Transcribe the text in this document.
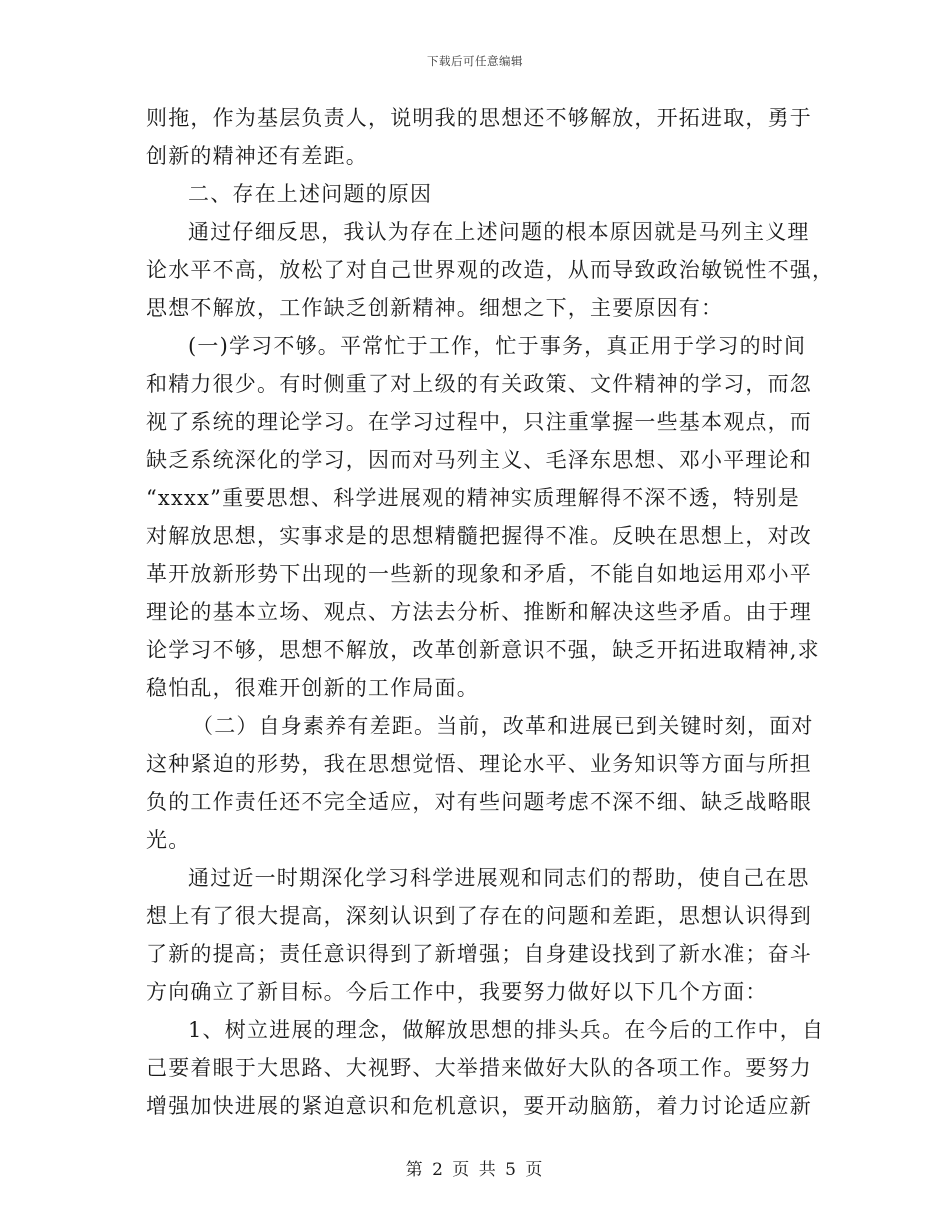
下载后可任意编辑
则拖，作为基层负责人，说明我的思想还不够解放，开拓进取，勇于
创新的精神还有差距。
二、存在上述问题的原因
通过仔细反思，我认为存在上述问题的根本原因就是马列主义理
论水平不高，放松了对自己世界观的改造，从而导致政治敏锐性不强，
思想不解放，工作缺乏创新精神。细想之下，主要原因有：
(一)学习不够。平常忙于工作，忙于事务，真正用于学习的时间
和精力很少。有时侧重了对上级的有关政策、文件精神的学习，而忽
视了系统的理论学习。在学习过程中，只注重掌握一些基本观点，而
缺乏系统深化的学习，因而对马列主义、毛泽东思想、邓小平理论和
“xxxx”重要思想、科学进展观的精神实质理解得不深不透，特别是
对解放思想，实事求是的思想精髓把握得不准。反映在思想上，对改
革开放新形势下出现的一些新的现象和矛盾，不能自如地运用邓小平
理论的基本立场、观点、方法去分析、推断和解决这些矛盾。由于理
论学习不够，思想不解放，改革创新意识不强，缺乏开拓进取精神,求
稳怕乱，很难开创新的工作局面。
（二）自身素养有差距。当前，改革和进展已到关键时刻，面对
这种紧迫的形势，我在思想觉悟、理论水平、业务知识等方面与所担
负的工作责任还不完全适应，对有些问题考虑不深不细、缺乏战略眼
光。
通过近一时期深化学习科学进展观和同志们的帮助，使自己在思
想上有了很大提高，深刻认识到了存在的问题和差距，思想认识得到
了新的提高；责任意识得到了新增强；自身建设找到了新水准；奋斗
方向确立了新目标。今后工作中，我要努力做好以下几个方面：
1、树立进展的理念，做解放思想的排头兵。在今后的工作中，自
己要着眼于大思路、大视野、大举措来做好大队的各项工作。要努力
增强加快进展的紧迫意识和危机意识，要开动脑筋，着力讨论适应新
第 2 页 共 5 页
